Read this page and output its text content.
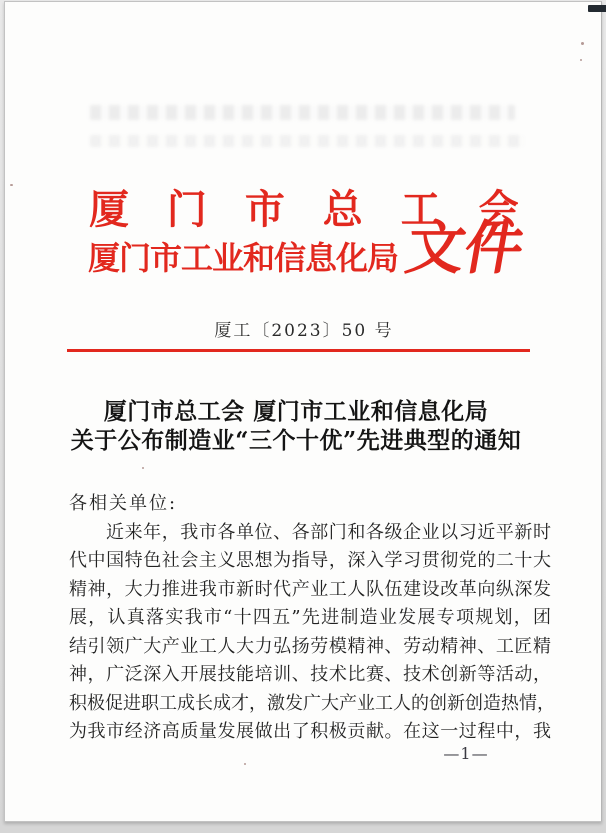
厦 门 市 总 工 会
厦门市工业和信息化局 文件
厦工〔2023〕50 号
厦门市总工会 厦门市工业和信息化局
关于公布制造业“三个十优”先进典型的通知
各相关单位:
近来年，我市各单位、各部门和各级企业以习近平新时
代中国特色社会主义思想为指导，深入学习贯彻党的二十大
精神，大力推进我市新时代产业工人队伍建设改革向纵深发
展，认真落实我市“十四五”先进制造业发展专项规划，团
结引领广大产业工人大力弘扬劳模精神、劳动精神、工匠精
神，广泛深入开展技能培训、技术比赛、技术创新等活动，
积极促进职工成长成才，激发广大产业工人的创新创造热情，
为我市经济高质量发展做出了积极贡献。在这一过程中，我
—1—
